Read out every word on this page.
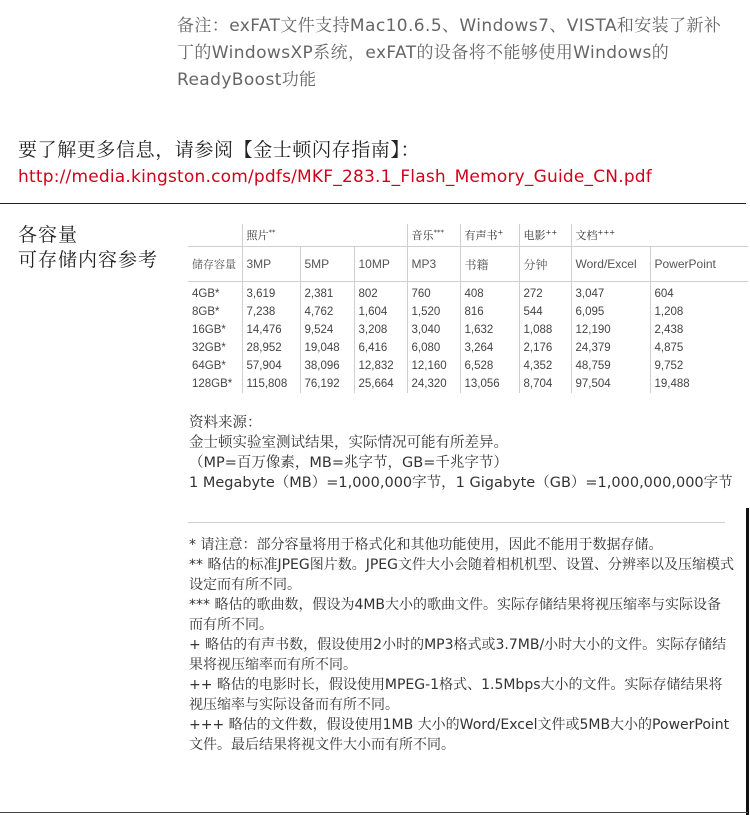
备注：exFAT文件支持Mac10.6.5、Windows7、VISTA和安装了新补丁的WindowsXP系统，exFAT的设备将不能够使用Windows的ReadyBoost功能
要了解更多信息，请参阅【金士顿闪存指南】：
http://media.kingston.com/pdfs/MKF_283.1_Flash_Memory_Guide_CN.pdf
各容量
可存储内容参考
	照片**			音乐***	有声书+	电影++	文档+++
储存容量	3MP	5MP	10MP	MP3	书籍	分钟	Word/Excel	PowerPoint
4GB*	3,619	2,381	802	760	408	272	3,047	604
8GB*	7,238	4,762	1,604	1,520	816	544	6,095	1,208
16GB*	14,476	9,524	3,208	3,040	1,632	1,088	12,190	2,438
32GB*	28,952	19,048	6,416	6,080	3,264	2,176	24,379	4,875
64GB*	57,904	38,096	12,832	12,160	6,528	4,352	48,759	9,752
128GB*	115,808	76,192	25,664	24,320	13,056	8,704	97,504	19,488
资料来源：
金士顿实验室测试结果，实际情况可能有所差异。
（MP=百万像素，MB=兆字节，GB=千兆字节）
1 Megabyte（MB）=1,000,000字节，1 Gigabyte（GB）=1,000,000,000字节

* 请注意：部分容量将用于格式化和其他功能使用，因此不能用于数据存储。

** 略估的标准JPEG图片数。JPEG文件大小会随着相机机型、设置、分辨率以及压缩模式设定而有所不同。

*** 略估的歌曲数，假设为4MB大小的歌曲文件。实际存储结果将视压缩率与实际设备而有所不同。

+ 略估的有声书数，假设使用2小时的MP3格式或3.7MB/小时大小的文件。实际存储结果将视压缩率而有所不同。

++ 略估的电影时长，假设使用MPEG-1格式、1.5Mbps大小的文件。实际存储结果将视压缩率与实际设备而有所不同。

+++ 略估的文件数，假设使用1MB 大小的Word/Excel文件或5MB大小的PowerPoint文件。最后结果将视文件大小而有所不同。
